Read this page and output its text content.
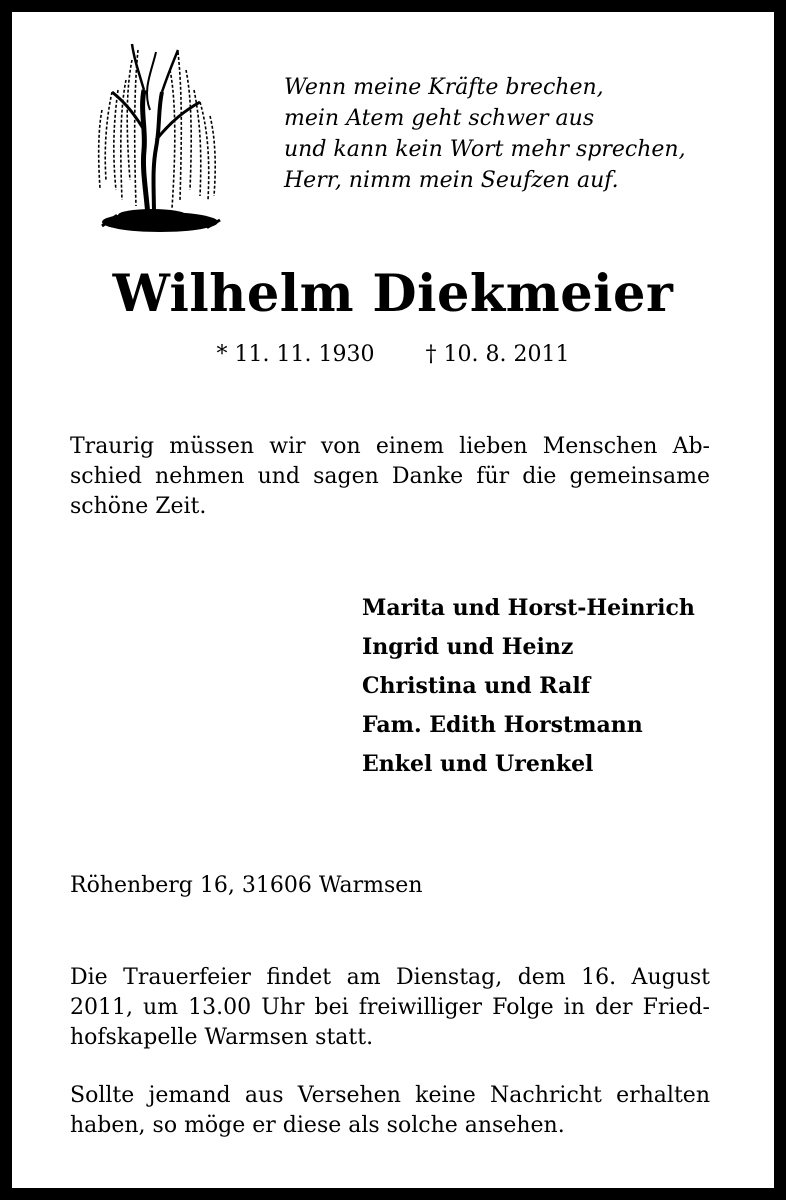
Wenn meine Kräfte brechen,
mein Atem geht schwer aus
und kann kein Wort mehr sprechen,
Herr, nimm mein Seufzen auf.
Wilhelm Diekmeier
* 11. 11. 1930 † 10. 8. 2011
Traurig müssen wir von einem lieben Menschen Ab-
schied nehmen und sagen Danke für die gemeinsame
schöne Zeit.
Marita und Horst-Heinrich
Ingrid und Heinz
Christina und Ralf
Fam. Edith Horstmann
Enkel und Urenkel
Röhenberg 16, 31606 Warmsen
Die Trauerfeier findet am Dienstag, dem 16. August
2011, um 13.00 Uhr bei freiwilliger Folge in der Fried-
hofskapelle Warmsen statt.
Sollte jemand aus Versehen keine Nachricht erhalten
haben, so möge er diese als solche ansehen.
